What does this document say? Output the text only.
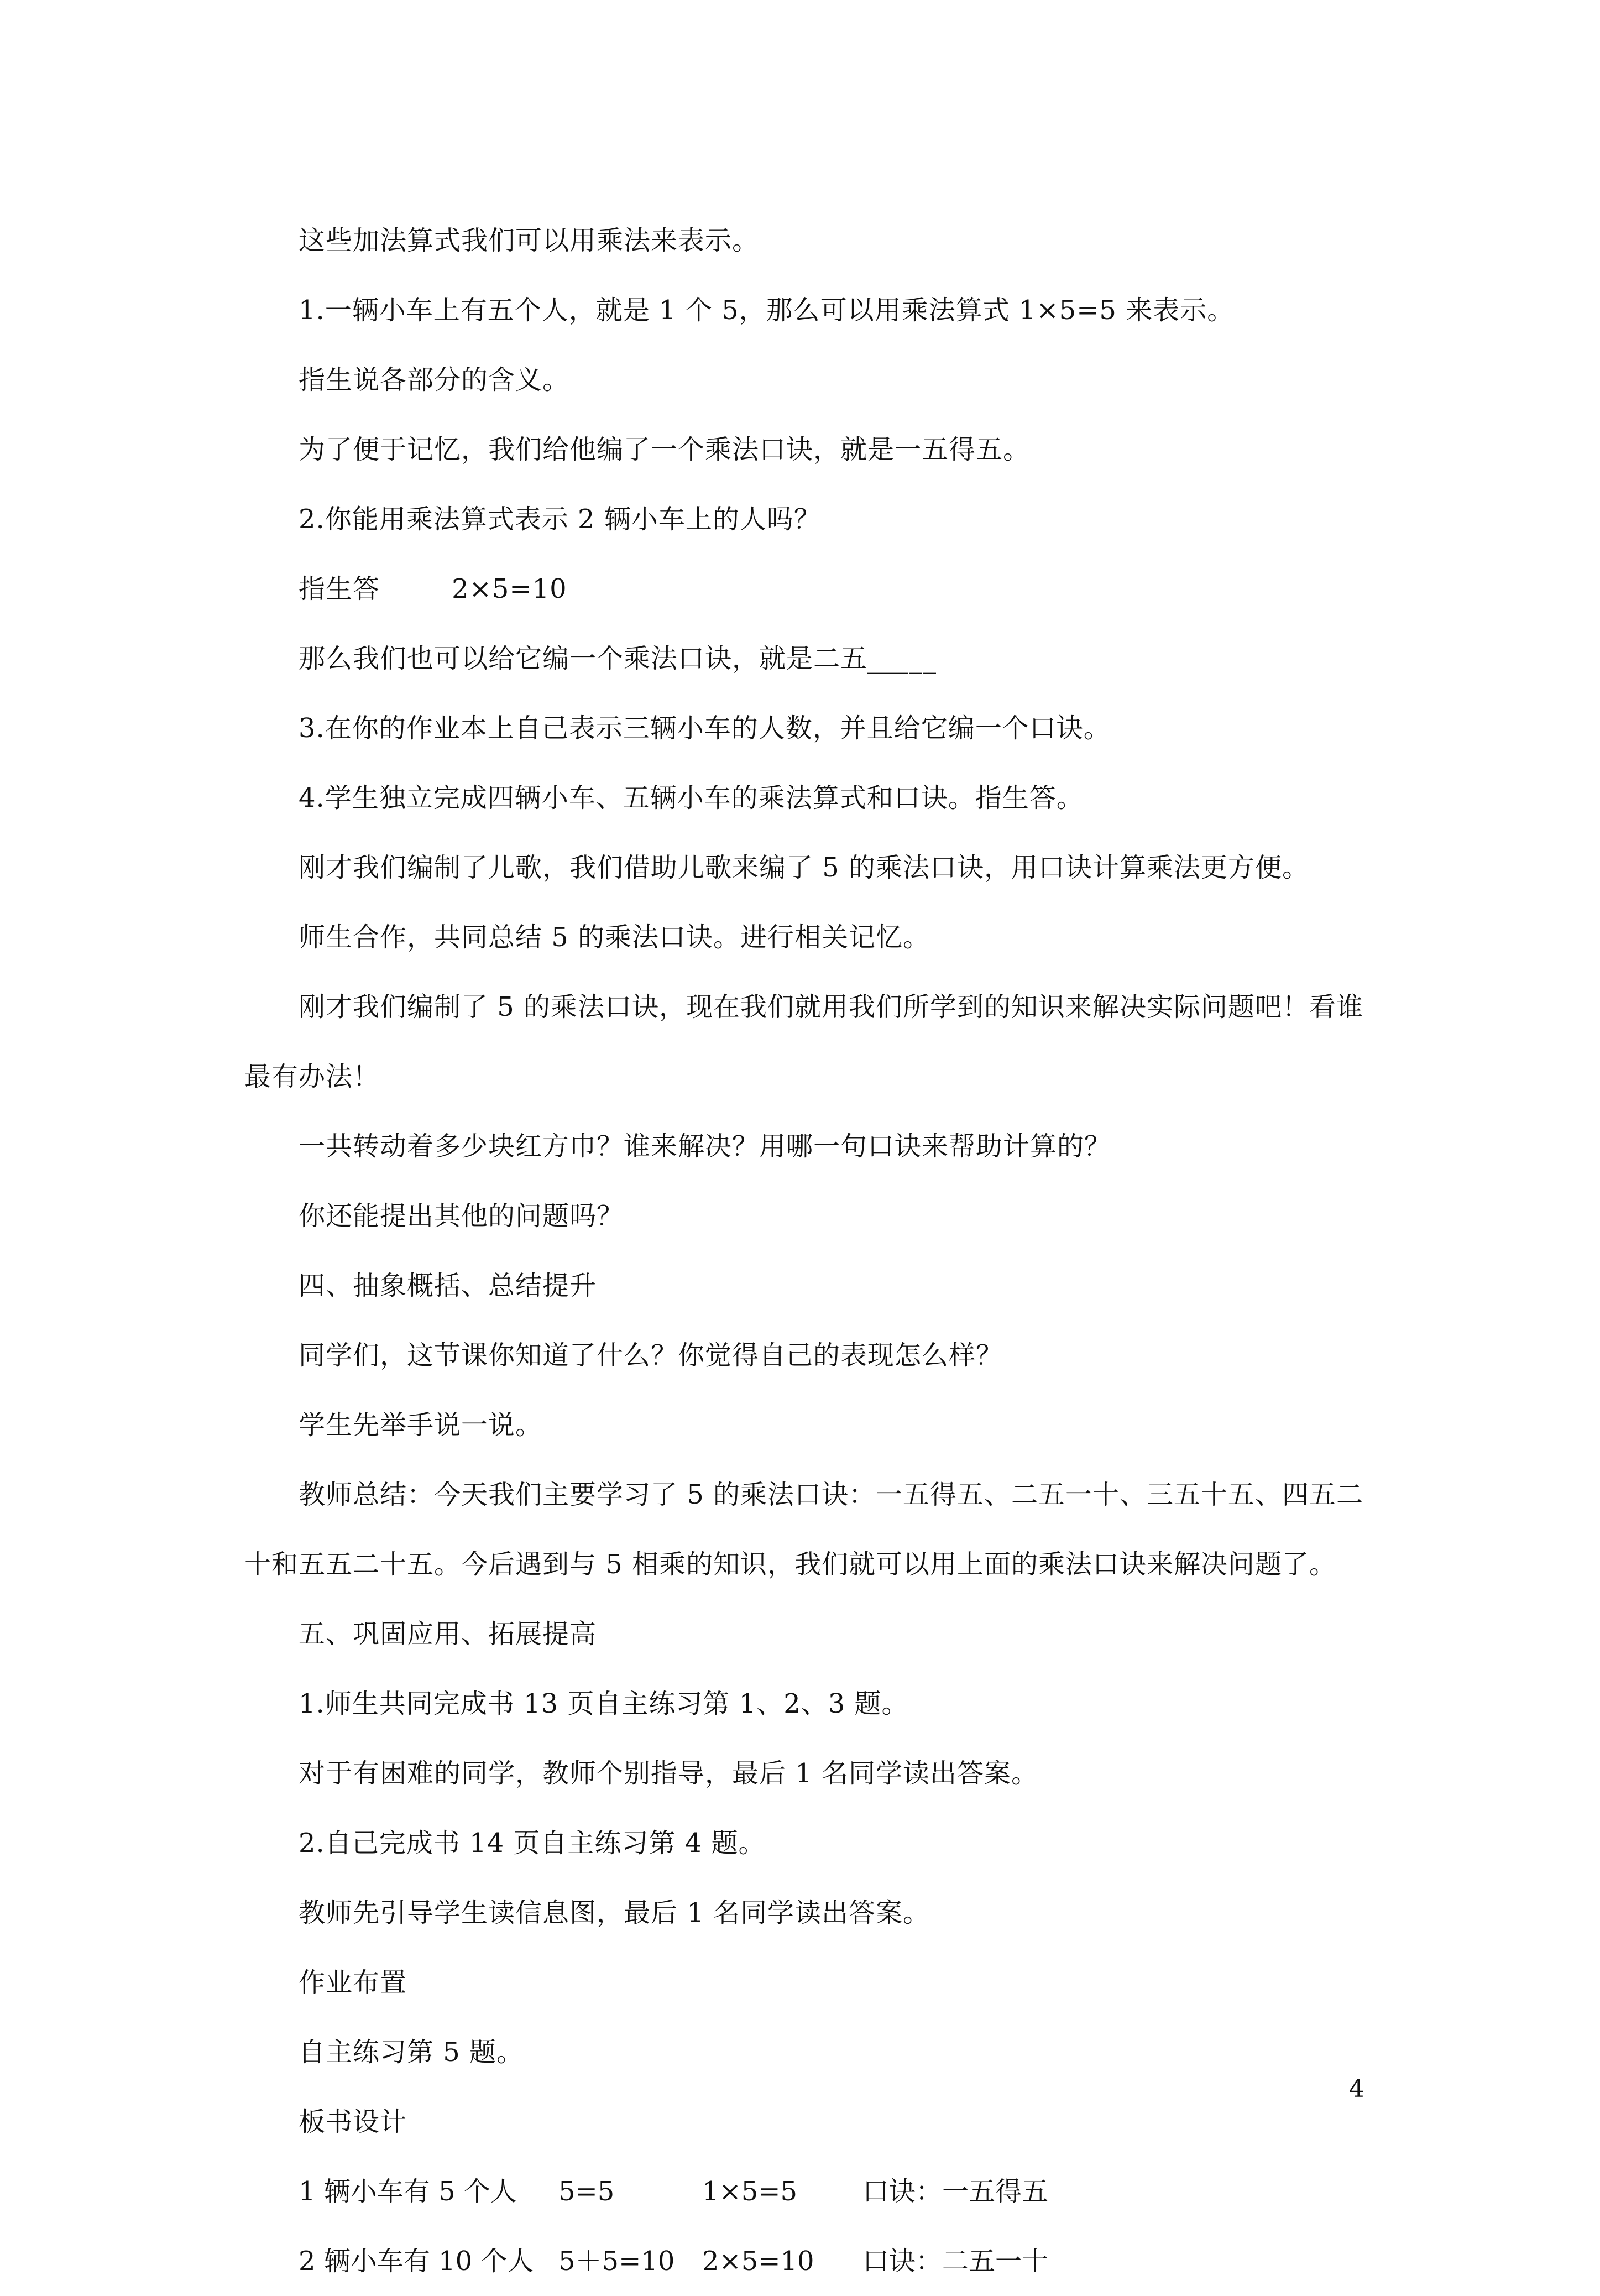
这些加法算式我们可以用乘法来表示。

1.一辆小车上有五个人，就是 1 个 5，那么可以用乘法算式 1×5=5 来表示。

指生说各部分的含义。

为了便于记忆，我们给他编了一个乘法口诀，就是一五得五。

2.你能用乘法算式表示 2 辆小车上的人吗？

指生答        2×5=10

那么我们也可以给它编一个乘法口诀，就是二五_____

3.在你的作业本上自己表示三辆小车的人数，并且给它编一个口诀。

4.学生独立完成四辆小车、五辆小车的乘法算式和口诀。指生答。

刚才我们编制了儿歌，我们借助儿歌来编了 5 的乘法口诀，用口诀计算乘法更方便。

师生合作，共同总结 5 的乘法口诀。进行相关记忆。

刚才我们编制了 5 的乘法口诀，现在我们就用我们所学到的知识来解决实际问题吧！看谁最有办法！

一共转动着多少块红方巾？谁来解决？用哪一句口诀来帮助计算的？

你还能提出其他的问题吗？

四、抽象概括、总结提升

同学们，这节课你知道了什么？你觉得自己的表现怎么样？

学生先举手说一说。

教师总结：今天我们主要学习了 5 的乘法口诀：一五得五、二五一十、三五十五、四五二十和五五二十五。今后遇到与 5 相乘的知识，我们就可以用上面的乘法口诀来解决问题了。

五、巩固应用、拓展提高

1.师生共同完成书 13 页自主练习第 1、2、3 题。

对于有困难的同学，教师个别指导，最后 1 名同学读出答案。

2.自己完成书 14 页自主练习第 4 题。

教师先引导学生读信息图，最后 1 名同学读出答案。

作业布置

自主练习第 5 题。

板书设计

1 辆小车有 5 个人	5=5	1×5=5	口诀：一五得五
2 辆小车有 10 个人 5＋5=10	2×5=10	口诀：二五一十
4
